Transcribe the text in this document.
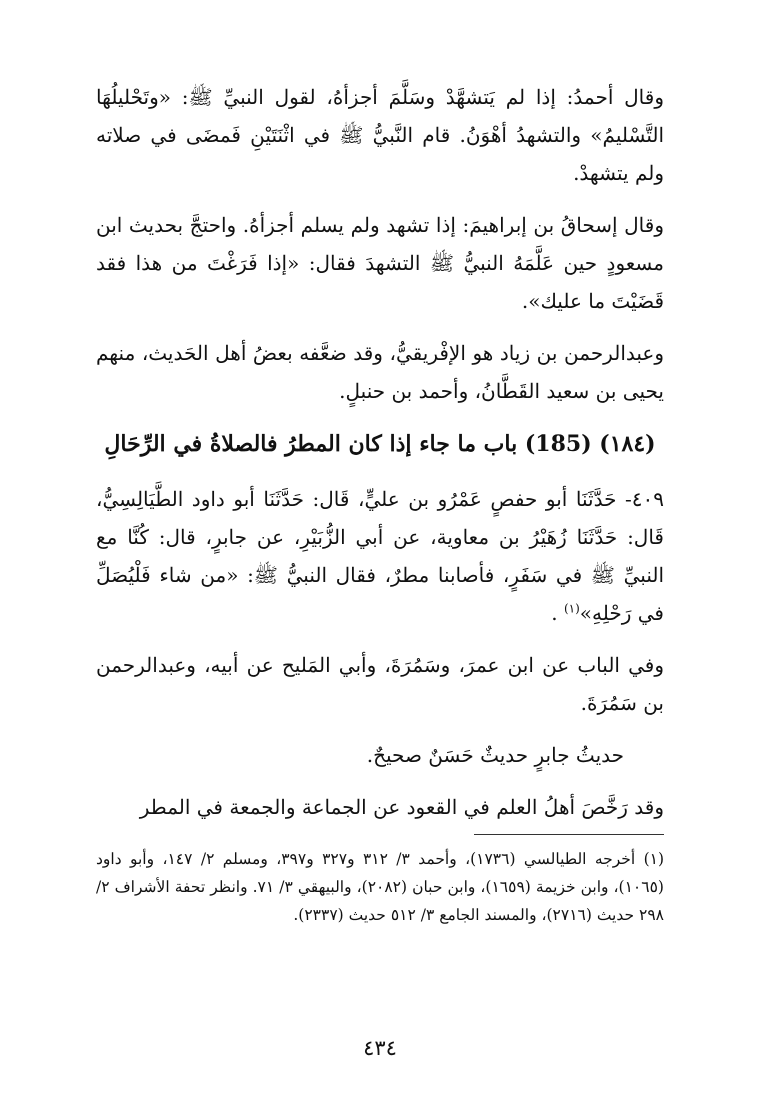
وقال أحمدُ: إذا لم يَتشهَّدْ وسَلَّمَ أجزأهُ، لقول النبيِّ ﷺ: «وتَحْليلُهَا التَّسْليمُ» والتشهدُ أهْوَنُ. قام النَّبيُّ ﷺ في اثْنَتَيْنِ فَمضَى في صلاته ولم يتشهدْ.

وقال إسحاقُ بن إبراهيمَ: إذا تشهد ولم يسلم أجزأهُ. واحتجَّ بحديث ابن مسعودٍ حين عَلَّمَهُ النبيُّ ﷺ التشهدَ فقال: «إذا فَرَغْتَ من هذا فقد قَضَيْتَ ما عليك».

وعبدالرحمن بن زياد هو الإفْريقيُّ، وقد ضعَّفه بعضُ أهل الحَديث، منهم يحيى بن سعيد القَطَّانُ، وأحمد بن حنبلٍ.

(١٨٤) (185) باب ما جاء إذا كان المطرُ فالصلاةُ في الرِّحَالِ

٤٠٩- حَدَّثَنَا أبو حفصٍ عَمْرُو بن عليٍّ، قَال: حَدَّثَنَا أبو داود الطَّيَالِسِيُّ، قَال: حَدَّثَنَا زُهَيْرُ بن معاوية، عن أبي الزُّبَيْرِ، عن جابرٍ، قال: كُنَّا مع النبيِّ ﷺ في سَفَرٍ، فأصابنا مطرٌ، فقال النبيُّ ﷺ: «من شاء فَلْيُصَلِّ في رَحْلِهِ»$^{(١)}$ .

وفي الباب عن ابن عمرَ، وسَمُرَةَ، وأبي المَليح عن أبيه، وعبدالرحمن بن سَمُرَةَ.

حديثُ جابرٍ حديثٌ حَسَنٌ صحيحٌ.

وقد رَخَّصَ أهلُ العلم في القعود عن الجماعة والجمعة في المطر

(١) أخرجه الطيالسي (١٧٣٦)، وأحمد ٣/ ٣١٢ و٣٢٧ و٣٩٧، ومسلم ٢/ ١٤٧، وأبو داود (١٠٦٥)، وابن خزيمة (١٦٥٩)، وابن حبان (٢٠٨٢)، والبيهقي ٣/ ٧١. وانظر تحفة الأشراف ٢/ ٢٩٨ حديث (٢٧١٦)، والمسند الجامع ٣/ ٥١٢ حديث (٢٣٣٧).
٤٣٤
